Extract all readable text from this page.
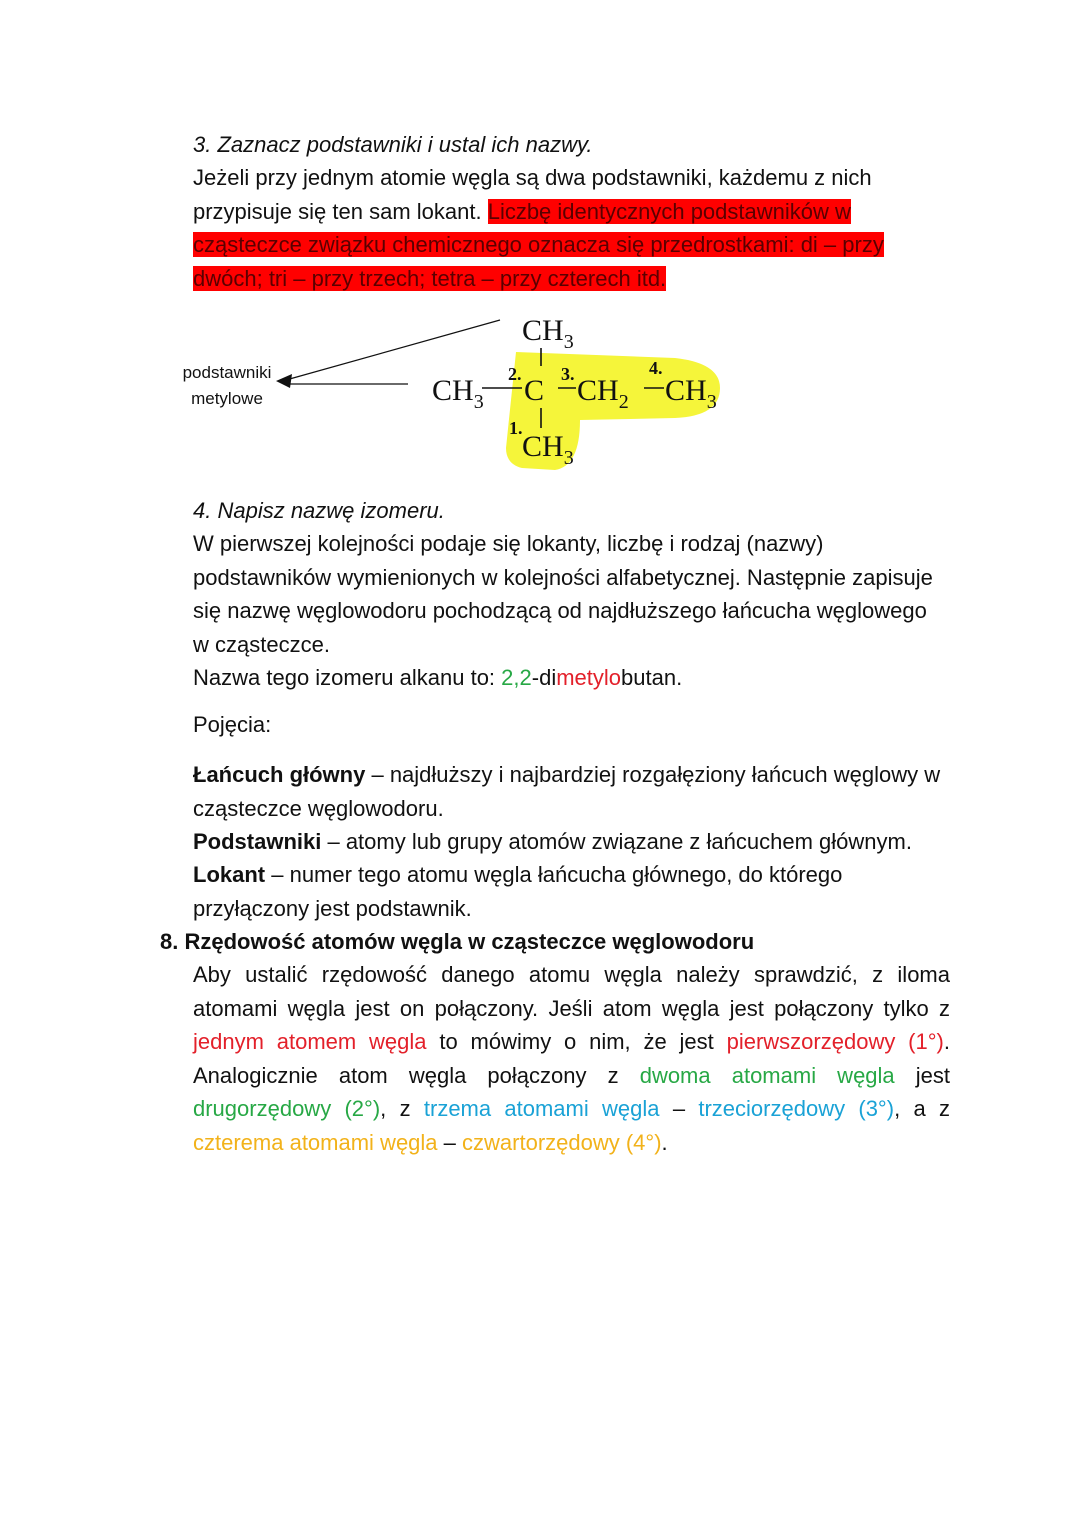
3. Zaznacz podstawniki i ustal ich nazwy.

Jeżeli przy jednym atomie węgla są dwa podstawniki, każdemu z nich przypisuje się ten sam lokant. Liczbę identycznych podstawników w cząsteczce związku chemicznego oznacza się przedrostkami: di – przy dwóch; tri – przy trzech; tetra – przy czterech itd.

podstawniki
metylowe
$CH_3$
$CH_3$ C $CH_2$ $CH_3$
$CH_3$
2. 3.	4.
1.

4. Napisz nazwę izomeru.

W pierwszej kolejności podaje się lokanty, liczbę i rodzaj (nazwy) podstawników wymienionych w kolejności alfabetycznej. Następnie zapisuje się nazwę węglowodoru pochodzącą od najdłuższego łańcucha węglowego w cząsteczce.

Nazwa tego izomeru alkanu to: 2,2-dimetylobutan.

Pojęcia:

Łańcuch główny – najdłuższy i najbardziej rozgałęziony łańcuch węglowy w cząsteczce węglowodoru.

Podstawniki – atomy lub grupy atomów związane z łańcuchem głównym.

Lokant – numer tego atomu węgla łańcucha głównego, do którego przyłączony jest podstawnik.

8. Rzędowość atomów węgla w cząsteczce węglowodoru

Aby ustalić rzędowość danego atomu węgla należy sprawdzić, z iloma atomami węgla jest on połączony. Jeśli atom węgla jest połączony tylko z jednym atomem węgla to mówimy o nim, że jest pierwszorzędowy (1°). Analogicznie atom węgla połączony z dwoma atomami węgla jest drugorzędowy (2°), z trzema atomami węgla – trzeciorzędowy (3°), a z czterema atomami węgla – czwartorzędowy (4°).
